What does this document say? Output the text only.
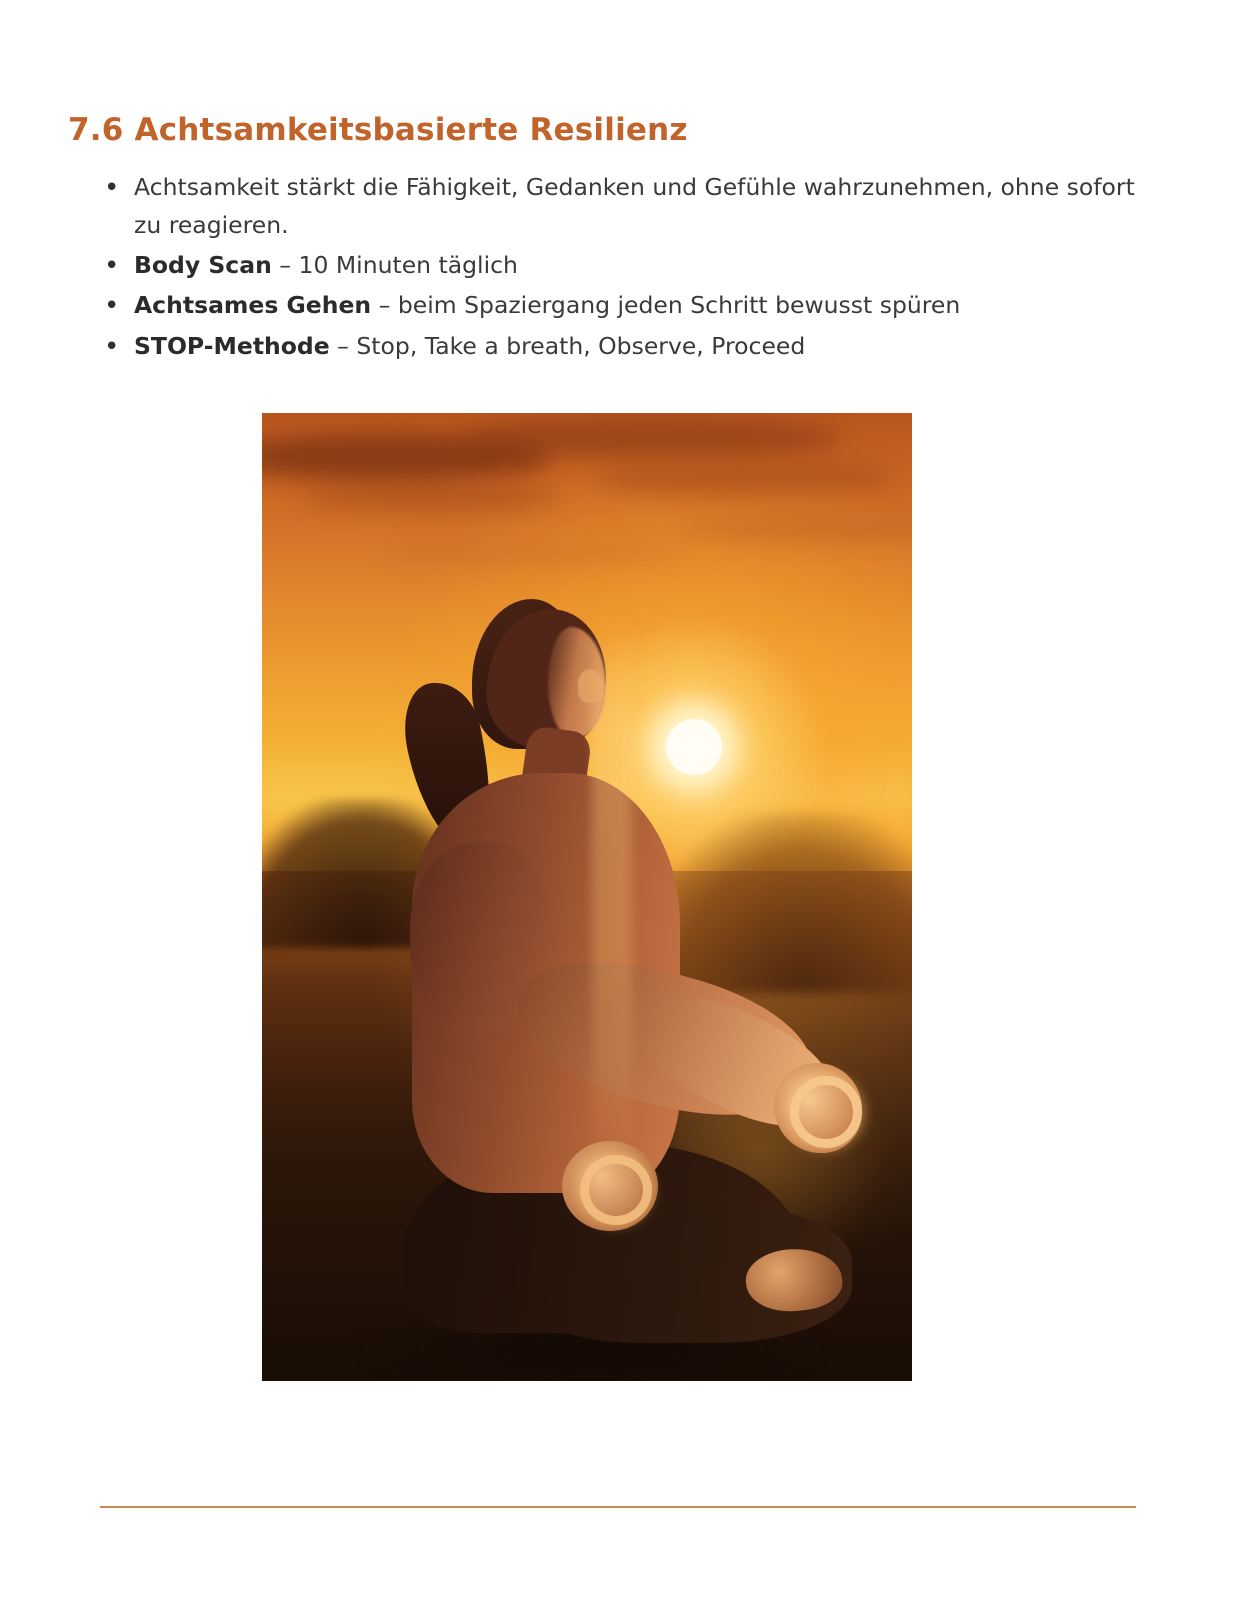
7.6 Achtsamkeitsbasierte Resilienz
• Achtsamkeit stärkt die Fähigkeit, Gedanken und Gefühle wahrzunehmen, ohne sofort zu reagieren.
• Body Scan – 10 Minuten täglich
• Achtsames Gehen – beim Spaziergang jeden Schritt bewusst spüren
• STOP-Methode – Stop, Take a breath, Observe, Proceed
